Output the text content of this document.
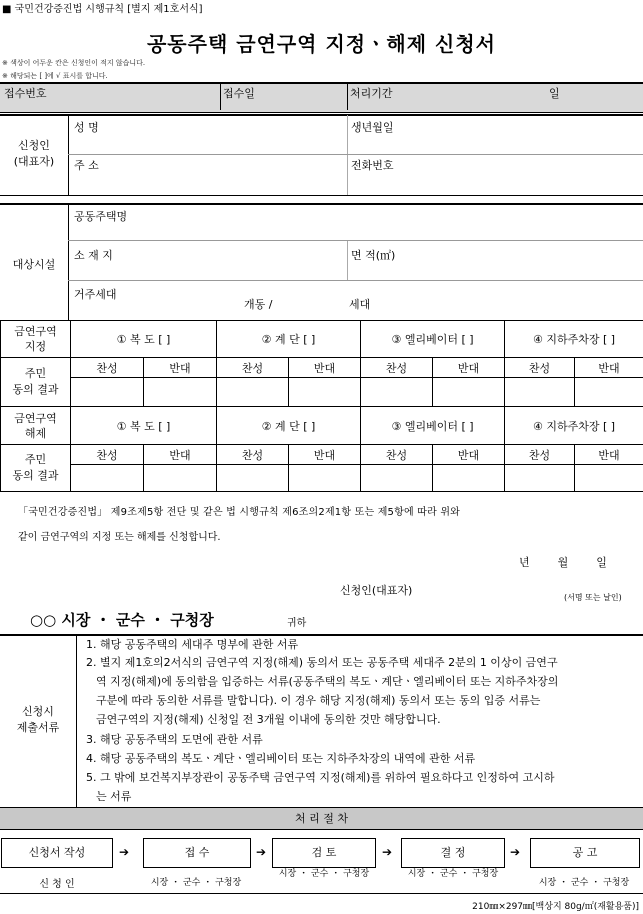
■ 국민건강증진법 시행규칙 [별지 제1호서식]
공동주택 금연구역 지정ㆍ해제 신청서
※ 색상이 어두운 칸은 신청인이 적지 않습니다.
※ 해당되는 [ ]에 √ 표시를 합니다.
접수번호	접수일	처리기간	일
신청인
(대표자)
성 명	생년월일
주 소	전화번호
대상시설
공동주택명
소 재 지	면 적(㎡)
거주세대
개동 /	세대
금연구역
지정	① 복 도 [ ]		② 계 단 [ ]		③ 엘리베이터 [ ]		④ 지하주차장 [ ]	

주민
동의 결과	찬성	반대	찬성	반대	찬성	반대	찬성	반대

금연구역
해제	① 복 도 [ ]		② 계 단 [ ]		③ 엘리베이터 [ ]		④ 지하주차장 [ ]	

주민
동의 결과	찬성	반대	찬성	반대	찬성	반대	찬성	반대

「국민건강증진법」 제9조제5항 전단 및 같은 법 시행규칙 제6조의2제1항 또는 제5항에 따라 위와
같이 금연구역의 지정 또는 해제를 신청합니다.
년        월        일
신청인(대표자)
(서명 또는 날인)
○○ 시장 ・ 군수 ・ 구청장	귀하
신청시
제출서류
1. 해당 공동주택의 세대주 명부에 관한 서류
2. 별지 제1호의2서식의 금연구역 지정(해제) 동의서 또는 공동주택 세대주 2분의 1 이상이 금연구
역 지정(해제)에 동의함을 입증하는 서류(공동주택의 복도ㆍ계단ㆍ엘리베이터 또는 지하주차장의
구분에 따라 동의한 서류를 말합니다). 이 경우 해당 지정(해제) 동의서 또는 동의 입증 서류는
금연구역의 지정(해제) 신청일 전 3개월 이내에 동의한 것만 해당합니다.
3. 해당 공동주택의 도면에 관한 서류
4. 해당 공동주택의 복도ㆍ계단ㆍ엘리베이터 또는 지하주차장의 내역에 관한 서류
5. 그 밖에 보건복지부장관이 공동주택 금연구역 지정(해제)를 위하여 필요하다고 인정하여 고시하
는 서류
처 리 절 차
신청서 작성	➔	접 수	➔	검 토	➔	결 정	➔	공 고
신 청 인	시장 ・ 군수 ・ 구청장
시장 ・ 군수 ・ 구청장	시장 ・ 군수 ・ 구청장
시장 ・ 군수 ・ 구청장
210㎜×297㎜[백상지 80g/㎡(재활용품)]
